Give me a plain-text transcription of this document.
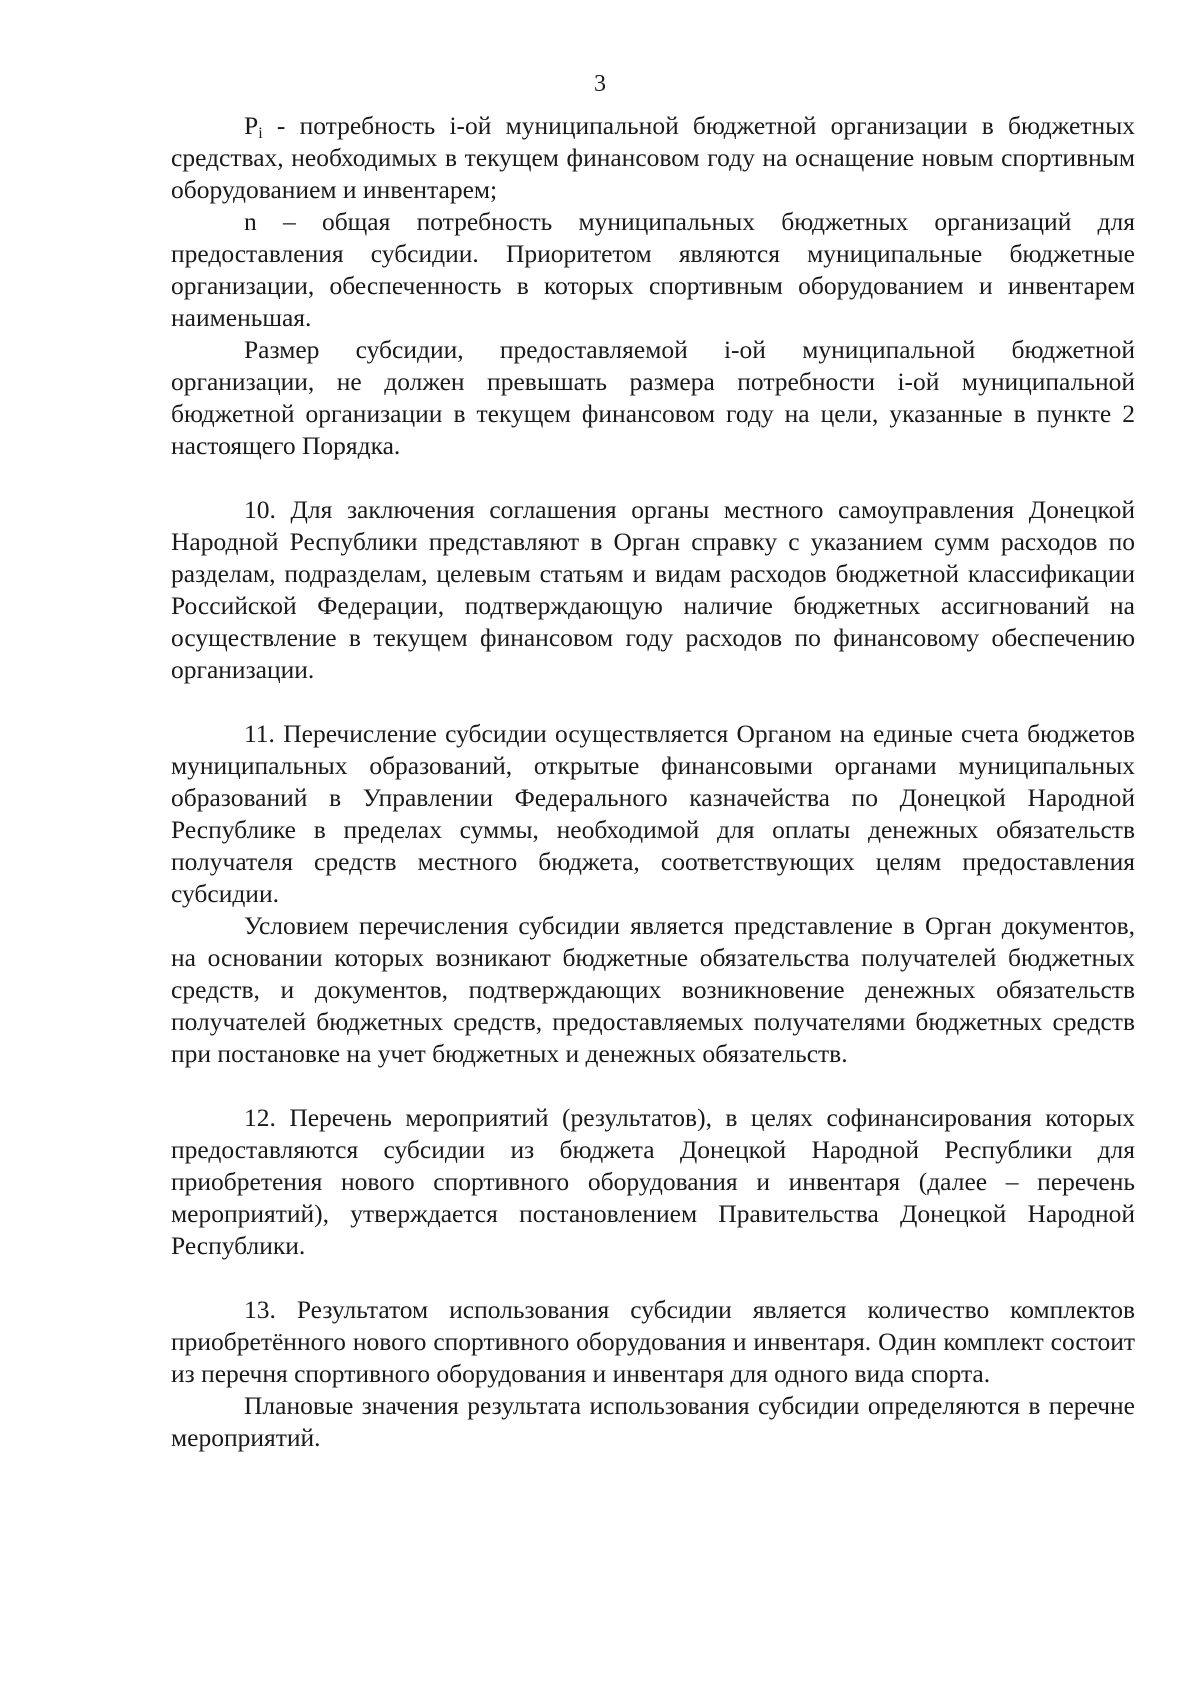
3

$P_i$ - потребность i-ой муниципальной бюджетной организации в бюджетных средствах, необходимых в текущем финансовом году на оснащение новым спортивным оборудованием и инвентарем;

n – общая потребность муниципальных бюджетных организаций для предоставления субсидии. Приоритетом являются муниципальные бюджетные организации, обеспеченность в которых спортивным оборудованием и инвентарем наименьшая.

Размер субсидии, предоставляемой i-ой муниципальной бюджетной организации, не должен превышать размера потребности i-ой муниципальной бюджетной организации в текущем финансовом году на цели, указанные в пункте 2 настоящего Порядка.

10. Для заключения соглашения органы местного самоуправления Донецкой Народной Республики представляют в Орган справку с указанием сумм расходов по разделам, подразделам, целевым статьям и видам расходов бюджетной классификации Российской Федерации, подтверждающую наличие бюджетных ассигнований на осуществление в текущем финансовом году расходов по финансовому обеспечению организации.

11. Перечисление субсидии осуществляется Органом на единые счета бюджетов муниципальных образований, открытые финансовыми органами муниципальных образований в Управлении Федерального казначейства по Донецкой Народной Республике в пределах суммы, необходимой для оплаты денежных обязательств получателя средств местного бюджета, соответствующих целям предоставления субсидии.

Условием перечисления субсидии является представление в Орган документов, на основании которых возникают бюджетные обязательства получателей бюджетных средств, и документов, подтверждающих возникновение денежных обязательств получателей бюджетных средств, предоставляемых получателями бюджетных средств при постановке на учет бюджетных и денежных обязательств.

12. Перечень мероприятий (результатов), в целях софинансирования которых предоставляются субсидии из бюджета Донецкой Народной Республики для приобретения нового спортивного оборудования и инвентаря (далее – перечень мероприятий), утверждается постановлением Правительства Донецкой Народной Республики.

13. Результатом использования субсидии является количество комплектов приобретённого нового спортивного оборудования и инвентаря. Один комплект состоит из перечня спортивного оборудования и инвентаря для одного вида спорта.

Плановые значения результата использования субсидии определяются в перечне мероприятий.
